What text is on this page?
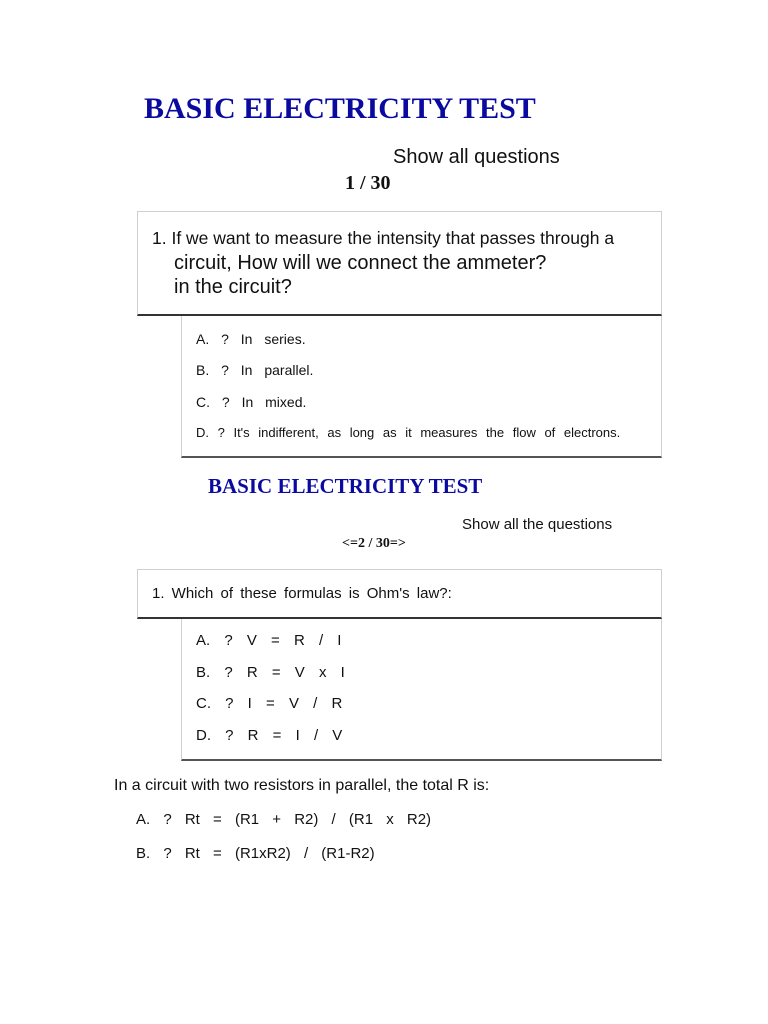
BASIC ELECTRICITY TEST
Show all questions
1 / 30
1. If we want to measure the intensity that passes through a
circuit, How will we connect the ammeter?
in the circuit?
A. ? In series.
B. ? In parallel.
C. ? In mixed.
D. ? It's indifferent, as long as it measures the flow of electrons.
BASIC ELECTRICITY TEST
Show all the questions
<=2 / 30=>
1. Which of these formulas is Ohm's law?:
A. ? V = R / I
B. ? R = V x I
C. ? I = V / R
D. ? R = I / V
In a circuit with two resistors in parallel, the total R is:
A. ? Rt = (R1 + R2) / (R1 x R2)
B. ? Rt = (R1xR2) / (R1-R2)
